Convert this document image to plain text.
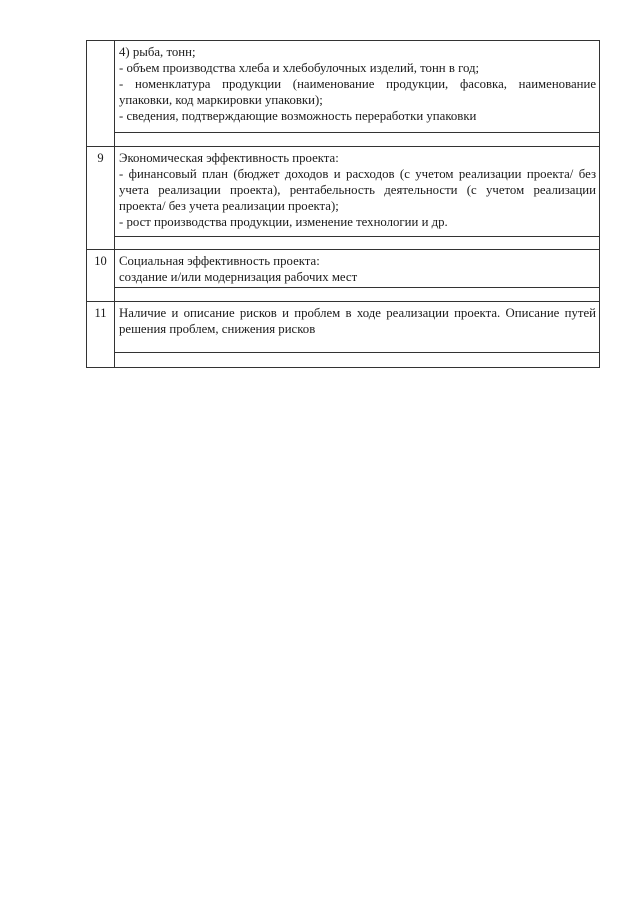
4) рыба, тонн;
- объем производства хлеба и хлебобулочных изделий, тонн в год;
- номенклатура продукции (наименование продукции, фасовка, наименование упаковки, код маркировки упаковки);
- сведения, подтверждающие возможность переработки упаковки
9	Экономическая эффективность проекта:
- финансовый план (бюджет доходов и расходов (с учетом реализации проекта/ без учета реализации проекта), рентабельность деятельности (с учетом реализации проекта/ без учета реализации проекта);
- рост производства продукции, изменение технологии и др.
10 Социальная эффективность проекта:
создание и/или модернизация рабочих мест
11 Наличие и описание рисков и проблем в ходе реализации проекта. Описание путей решения проблем, снижения рисков
